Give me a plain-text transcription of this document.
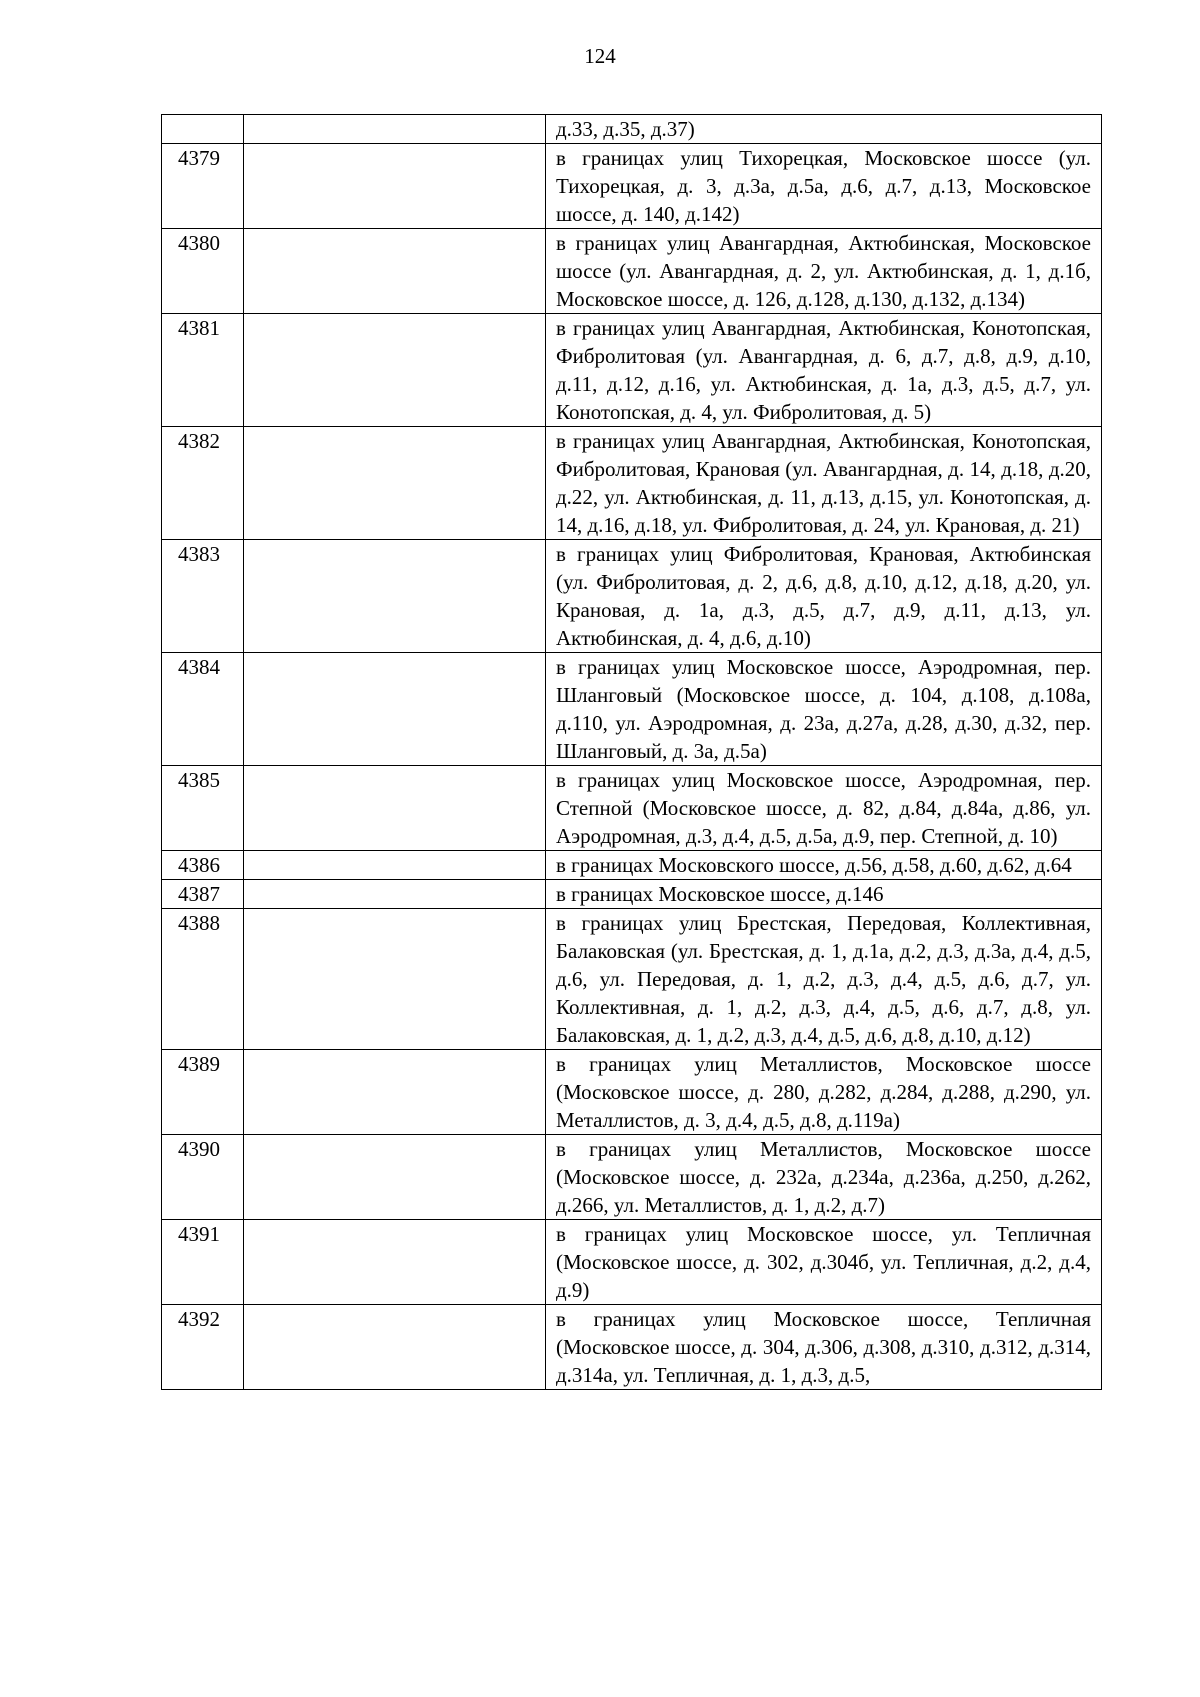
124
		д.33, д.35, д.37)
4379		в границах улиц Тихорецкая, Московское шоссе (ул. Тихорецкая, д. 3, д.3а, д.5а, д.6, д.7, д.13, Московское шоссе, д. 140, д.142)
4380		в границах улиц Авангардная, Актюбинская, Московское шоссе (ул. Авангардная, д. 2, ул. Актюбинская, д. 1, д.1б, Московское шоссе, д. 126, д.128, д.130, д.132, д.134)
4381		в границах улиц Авангардная, Актюбинская, Конотопская, Фибролитовая (ул. Авангардная, д. 6, д.7, д.8, д.9, д.10, д.11, д.12, д.16, ул. Актюбинская, д. 1а, д.3, д.5, д.7, ул. Конотопская, д. 4, ул. Фибролитовая, д. 5)
4382		в границах улиц Авангардная, Актюбинская, Конотопская, Фибролитовая, Крановая (ул. Авангардная, д. 14, д.18, д.20, д.22, ул. Актюбинская, д. 11, д.13, д.15, ул. Конотопская, д. 14, д.16, д.18, ул. Фибролитовая, д. 24, ул. Крановая, д. 21)
4383		в границах улиц Фибролитовая, Крановая, Актюбинская (ул. Фибролитовая, д. 2, д.6, д.8, д.10, д.12, д.18, д.20, ул. Крановая, д. 1а, д.3, д.5, д.7, д.9, д.11, д.13, ул. Актюбинская, д. 4, д.6, д.10)
4384		в границах улиц Московское шоссе, Аэродромная, пер. Шланговый (Московское шоссе, д. 104, д.108, д.108а, д.110, ул. Аэродромная, д. 23а, д.27а, д.28, д.30, д.32, пер. Шланговый, д. 3а, д.5а)
4385		в границах улиц Московское шоссе, Аэродромная, пер. Степной (Московское шоссе, д. 82, д.84, д.84а, д.86, ул. Аэродромная, д.3, д.4, д.5, д.5а, д.9, пер. Степной, д. 10)
4386		в границах Московского шоссе, д.56, д.58, д.60, д.62, д.64
4387		в границах Московское шоссе, д.146
4388		в границах улиц Брестская, Передовая, Коллективная, Балаковская (ул. Брестская, д. 1, д.1а, д.2, д.3, д.3а, д.4, д.5, д.6, ул. Передовая, д. 1, д.2, д.3, д.4, д.5, д.6, д.7, ул. Коллективная, д. 1, д.2, д.3, д.4, д.5, д.6, д.7, д.8, ул. Балаковская, д. 1, д.2, д.3, д.4, д.5, д.6, д.8, д.10, д.12)
4389		в границах улиц Металлистов, Московское шоссе (Московское шоссе, д. 280, д.282, д.284, д.288, д.290, ул. Металлистов, д. 3, д.4, д.5, д.8, д.119а)
4390		в границах улиц Металлистов, Московское шоссе (Московское шоссе, д. 232а, д.234а, д.236а, д.250, д.262, д.266, ул. Металлистов, д. 1, д.2, д.7)
4391		в границах улиц Московское шоссе, ул. Тепличная (Московское шоссе, д. 302, д.304б, ул. Тепличная, д.2, д.4, д.9)
4392		в границах улиц Московское шоссе, Тепличная (Московское шоссе, д. 304, д.306, д.308, д.310, д.312, д.314, д.314а, ул. Тепличная, д. 1, д.3, д.5,
